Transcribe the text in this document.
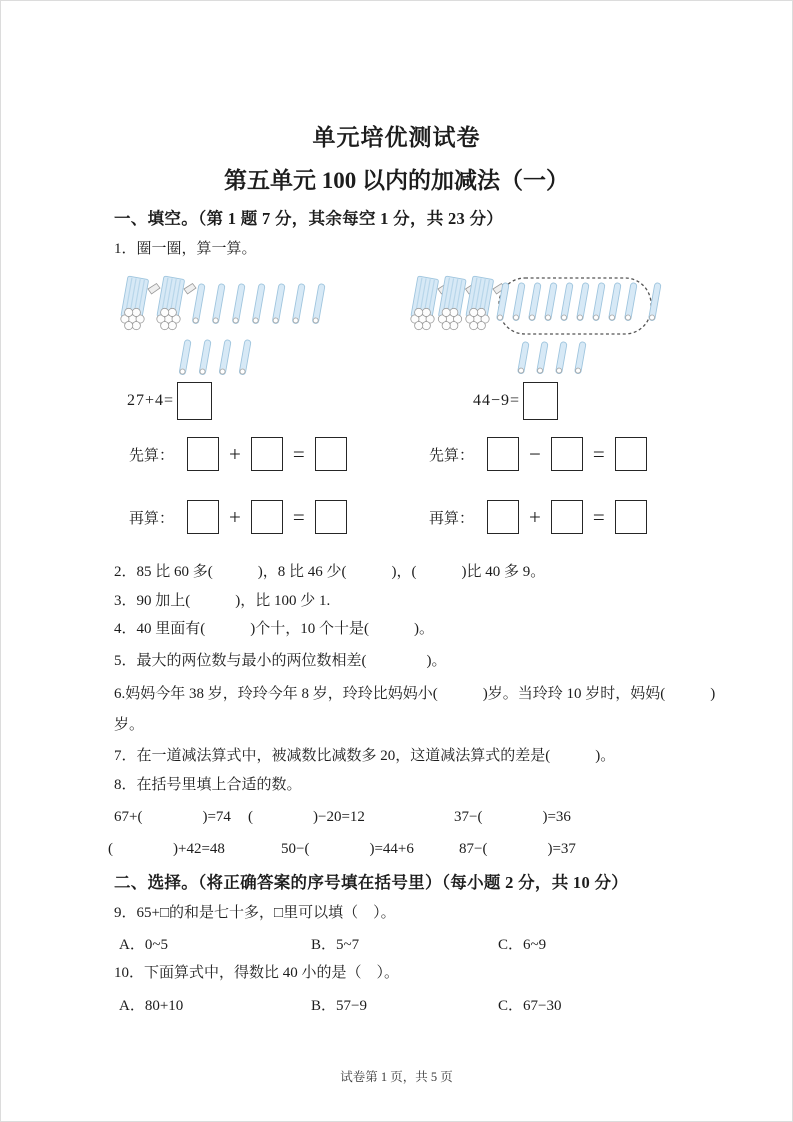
单元培优测试卷
第五单元 100 以内的加减法（一）
一、填空。（第 1 题 7 分，其余每空 1 分，共 23 分）
1．圈一圈，算一算。
27+4=	44−9=
先算：	+ =	先算：	− =
再算：	+ =	再算：	+ =
2．85 比 60 多(            )，8 比 46 少(            )，(            )比 40 多 9。
3．90 加上(            )，比 100 少 1.
4．40 里面有(            )个十，10 个十是(            )。
5．最大的两位数与最小的两位数相差(                )。
6.妈妈今年 38 岁，玲玲今年 8 岁，玲玲比妈妈小(            )岁。当玲玲 10 岁时，妈妈(            )
岁。
7．在一道减法算式中，被减数比减数多 20，这道减法算式的差是(            )。
8．在括号里填上合适的数。
67+(                )=74 (                )−20=12	37−(                )=36
(                )+42=48	50−(                )=44+6	87−(                )=37
二、选择。（将正确答案的序号填在括号里）（每小题 2 分，共 10 分）
9．65+□的和是七十多，□里可以填（    ）。
A．0~5	B．5~7	C．6~9
10．下面算式中，得数比 40 小的是（    ）。
A．80+10	B．57−9	C．67−30
试卷第 1 页，共 5 页
